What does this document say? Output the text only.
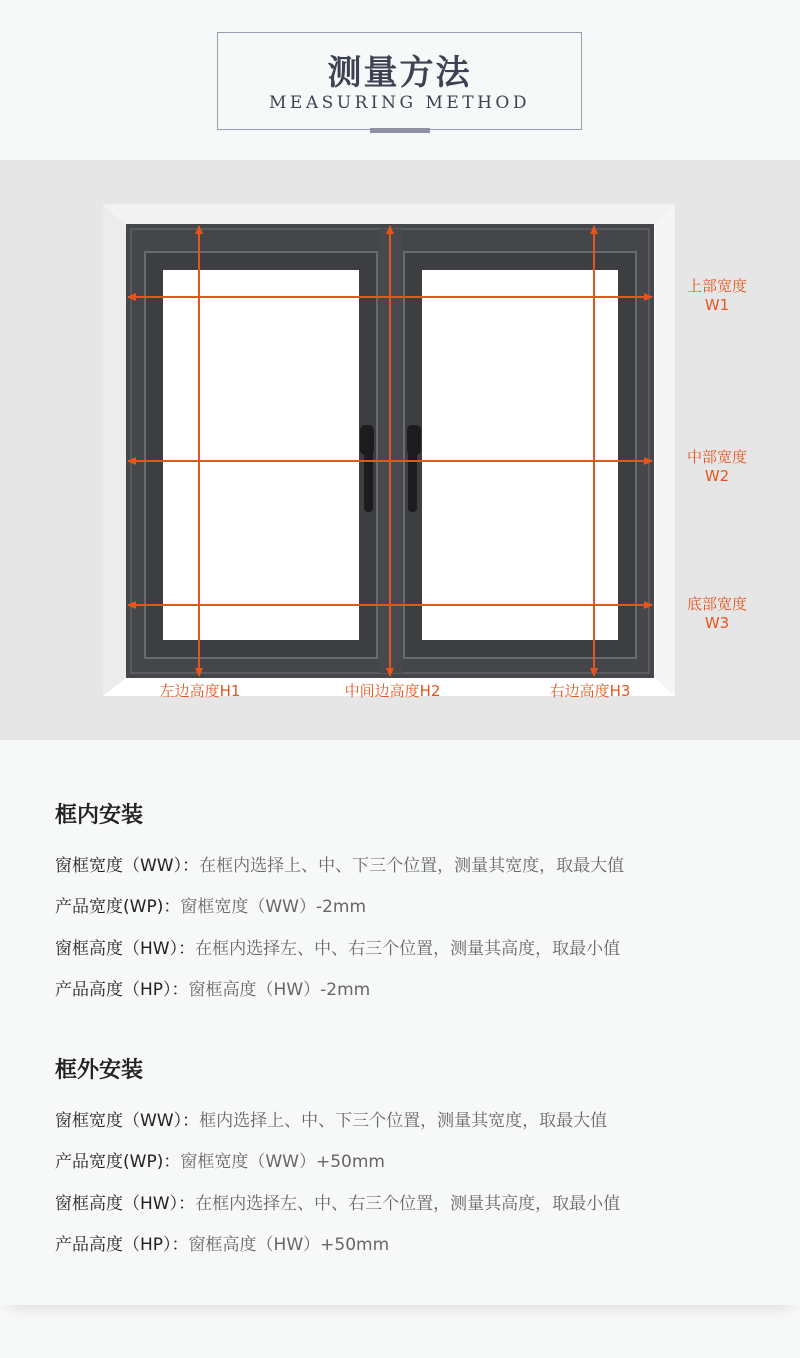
测量方法
MEASURING METHOD
上部宽度
W1
中部宽度
W2
底部宽度
W3
左边高度H1	中间边高度H2	右边高度H3
框内安装
窗框宽度（WW）：在框内选择上、中、下三个位置，测量其宽度，取最大值
产品宽度(WP)：窗框宽度（WW）-2mm
窗框高度（HW）：在框内选择左、中、右三个位置，测量其高度，取最小值
产品高度（HP）：窗框高度（HW）-2mm
框外安装
窗框宽度（WW）：框内选择上、中、下三个位置，测量其宽度，取最大值
产品宽度(WP)：窗框宽度（WW）+50mm
窗框高度（HW）：在框内选择左、中、右三个位置，测量其高度，取最小值
产品高度（HP）：窗框高度（HW）+50mm
